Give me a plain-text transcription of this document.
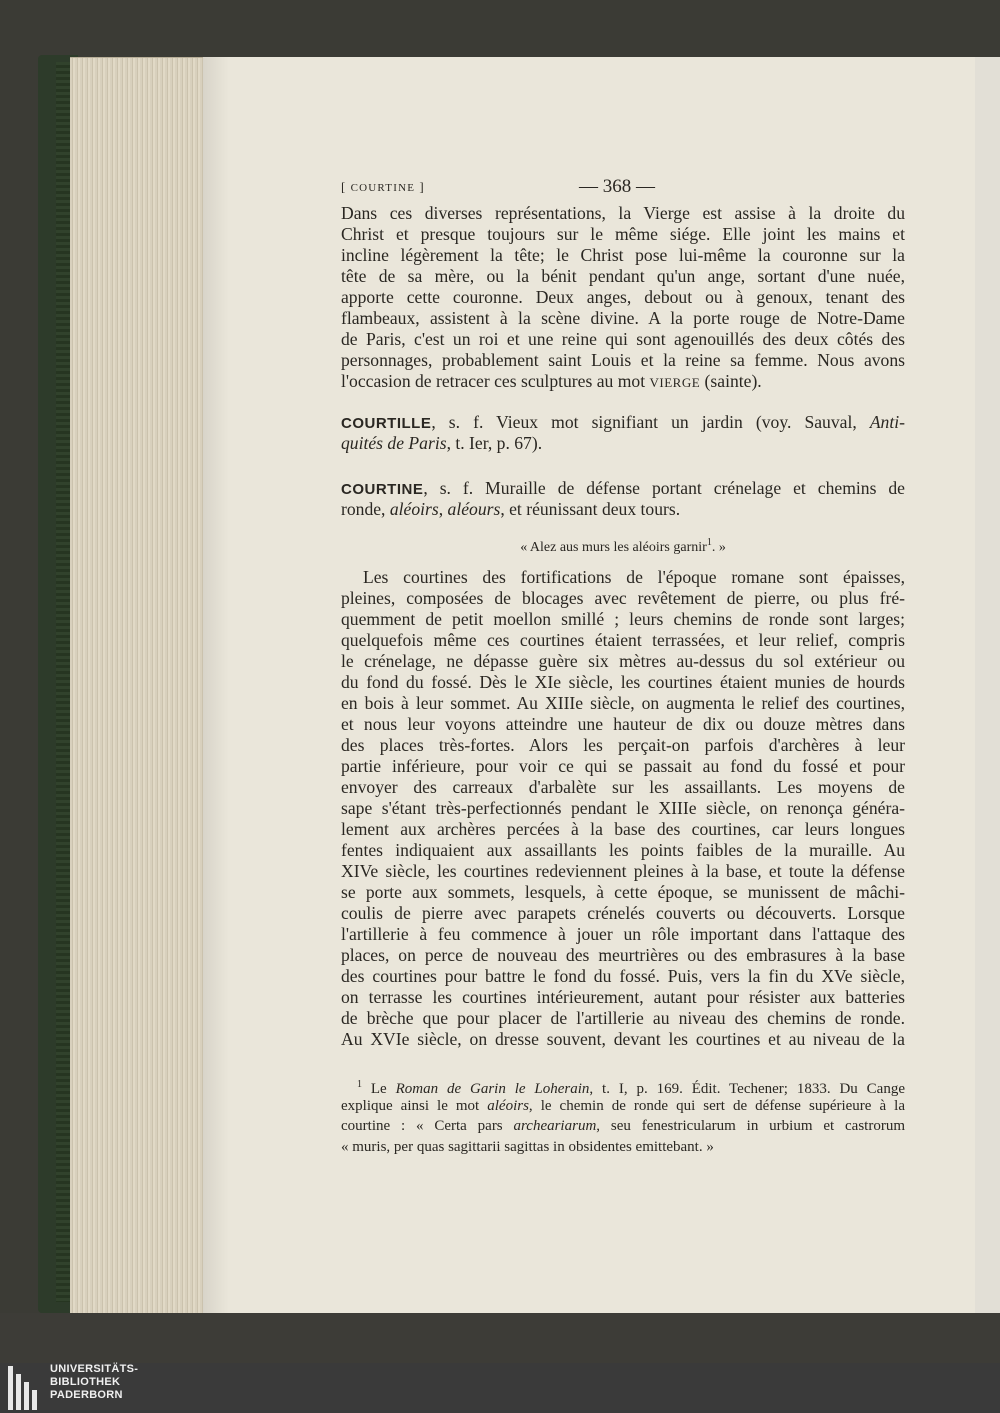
[ COURTINE ]	— 368 —
Dans ces diverses représentations, la Vierge est assise à la droite du
Christ et presque toujours sur le même siége. Elle joint les mains et
incline légèrement la tête; le Christ pose lui-même la couronne sur la
tête de sa mère, ou la bénit pendant qu'un ange, sortant d'une nuée,
apporte cette couronne. Deux anges, debout ou à genoux, tenant des
flambeaux, assistent à la scène divine. A la porte rouge de Notre-Dame
de Paris, c'est un roi et une reine qui sont agenouillés des deux côtés des
personnages, probablement saint Louis et la reine sa femme. Nous avons
l'occasion de retracer ces sculptures au mot VIERGE (sainte).
COURTILLE, s. f. Vieux mot signifiant un jardin (voy. Sauval, Anti-
quités de Paris, t. Ier, p. 67).
COURTINE, s. f. Muraille de défense portant crénelage et chemins de
ronde, aléoirs, aléours, et réunissant deux tours.
« Alez aus murs les aléoirs garnir$^1$. »
Les courtines des fortifications de l'époque romane sont épaisses,
pleines, composées de blocages avec revêtement de pierre, ou plus fré-
quemment de petit moellon smillé ; leurs chemins de ronde sont larges;
quelquefois même ces courtines étaient terrassées, et leur relief, compris
le crénelage, ne dépasse guère six mètres au-dessus du sol extérieur ou
du fond du fossé. Dès le XIe siècle, les courtines étaient munies de hourds
en bois à leur sommet. Au XIIIe siècle, on augmenta le relief des courtines,
et nous leur voyons atteindre une hauteur de dix ou douze mètres dans
des places très-fortes. Alors les perçait-on parfois d'archères à leur
partie inférieure, pour voir ce qui se passait au fond du fossé et pour
envoyer des carreaux d'arbalète sur les assaillants. Les moyens de
sape s'étant très-perfectionnés pendant le XIIIe siècle, on renonça généra-
lement aux archères percées à la base des courtines, car leurs longues
fentes indiquaient aux assaillants les points faibles de la muraille. Au
XIVe siècle, les courtines redeviennent pleines à la base, et toute la défense
se porte aux sommets, lesquels, à cette époque, se munissent de mâchi-
coulis de pierre avec parapets crénelés couverts ou découverts. Lorsque
l'artillerie à feu commence à jouer un rôle important dans l'attaque des
places, on perce de nouveau des meurtrières ou des embrasures à la base
des courtines pour battre le fond du fossé. Puis, vers la fin du XVe siècle,
on terrasse les courtines intérieurement, autant pour résister aux batteries
de brèche que pour placer de l'artillerie au niveau des chemins de ronde.
Au XVIe siècle, on dresse souvent, devant les courtines et au niveau de la
$^1$ Le Roman de Garin le Loherain, t. I, p. 169. Édit. Techener; 1833. Du Cange
explique ainsi le mot aléoirs, le chemin de ronde qui sert de défense supérieure à la
courtine : « Certa pars archeariarum, seu fenestricularum in urbium et castrorum
« muris, per quas sagittarii sagittas in obsidentes emittebant. »
UNIVERSITÄTS-
BIBLIOTHEK
PADERBORN
